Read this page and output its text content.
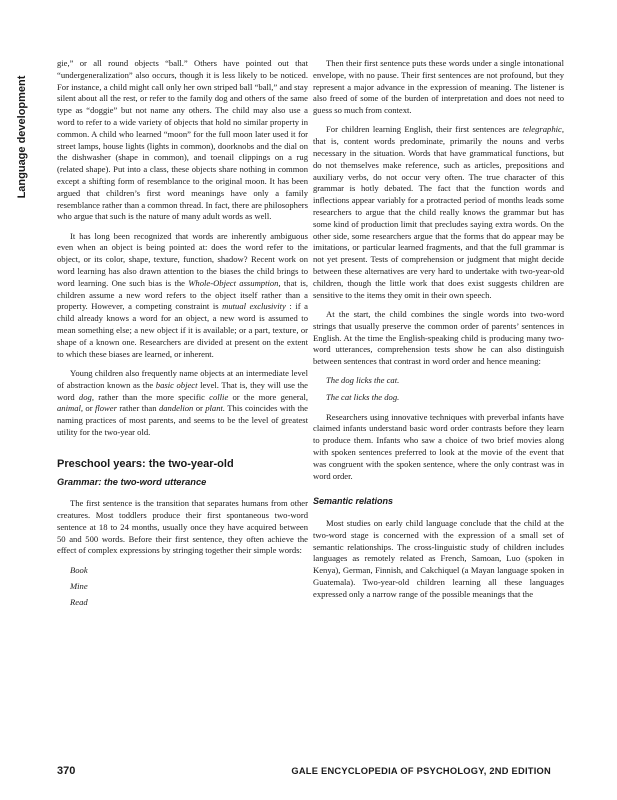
Language development

gie,” or all round objects “ball.” Others have pointed out that “undergeneralization” also occurs, though it is less likely to be noticed. For instance, a child might call only her own striped ball “ball,” and stay silent about all the rest, or refer to the family dog and others of the same type as “doggie” but not name any others. The child may also use a word to refer to a wide variety of objects that hold no similar property in common. A child who learned “moon” for the full moon later used it for street lamps, house lights (lights in common), doorknobs and the dial on the dishwasher (shape in common), and toenail clippings on a rug (related shape). Put into a class, these objects share nothing in common except a shifting form of resemblance to the original moon. It has been argued that children’s first word meanings have only a family resemblance rather than a common thread. In fact, there are philosophers who argue that such is the nature of many adult words as well.

It has long been recognized that words are inherently ambiguous even when an object is being pointed at: does the word refer to the object, or its color, shape, texture, function, shadow? Recent work on word learning has also drawn attention to the biases the child brings to word learning. One such bias is the Whole-Object assumption, that is, children assume a new word refers to the object itself rather than a property. However, a competing constraint is mutual exclusivity : if a child already knows a word for an object, a new word is assumed to mean something else; a new object if it is available; or a part, texture, or shape of a known one. Researchers are divided at present on the extent to which these biases are learned, or inherent.

Young children also frequently name objects at an intermediate level of abstraction known as the basic object level. That is, they will use the word dog, rather than the more specific collie or the more general, animal, or flower rather than dandelion or plant. This coincides with the naming practices of most parents, and seems to be the level of greatest utility for the two-year old.

Preschool years: the two-year-old
Grammar: the two-word utterance

The first sentence is the transition that separates humans from other creatures. Most toddlers produce their first spontaneous two-word sentence at 18 to 24 months, usually once they have acquired between 50 and 500 words. Before their first sentence, they often achieve the effect of complex expressions by stringing together their simple words:

Book
Mine
Read

Then their first sentence puts these words under a single intonational envelope, with no pause. Their first sentences are not profound, but they represent a major advance in the expression of meaning. The listener is also freed of some of the burden of interpretation and does not need to guess so much from context.

For children learning English, their first sentences are telegraphic, that is, content words predominate, primarily the nouns and verbs necessary in the situation. Words that have grammatical functions, but do not themselves make reference, such as articles, prepositions and auxiliary verbs, do not occur very often. The true character of this grammar is hotly debated. The fact that the function words and inflections appear variably for a protracted period of months leads some researchers to argue that the child really knows the grammar but has some kind of production limit that precludes saying extra words. On the other side, some researchers argue that the forms that do appear may be imitations, or particular learned fragments, and that the full grammar is not yet present. Tests of comprehension or judgment that might decide between these alternatives are very hard to undertake with two-year-old children, though the little work that does exist suggests children are sensitive to the items they omit in their own speech.

At the start, the child combines the single words into two-word strings that usually preserve the common order of parents’ sentences in English. At the time the English-speaking child is producing many two-word utterances, comprehension tests show he can also distinguish between sentences that contrast in word order and hence meaning:

The dog licks the cat.
The cat licks the dog.

Researchers using innovative techniques with preverbal infants have claimed infants understand basic word order contrasts before they learn to produce them. Infants who saw a choice of two brief movies along with spoken sentences preferred to look at the movie of the event that was congruent with the spoken sentence, where the only contrast was in word order.

Semantic relations

Most studies on early child language conclude that the child at the two-word stage is concerned with the expression of a small set of semantic relationships. The cross-linguistic study of children includes languages as remotely related as French, Samoan, Luo (spoken in Kenya), German, Finnish, and Cakchiquel (a Mayan language spoken in Guatemala). Two-year-old children learning all these languages expressed only a narrow range of the possible meanings that the

370	GALE ENCYCLOPEDIA OF PSYCHOLOGY, 2ND EDITION
